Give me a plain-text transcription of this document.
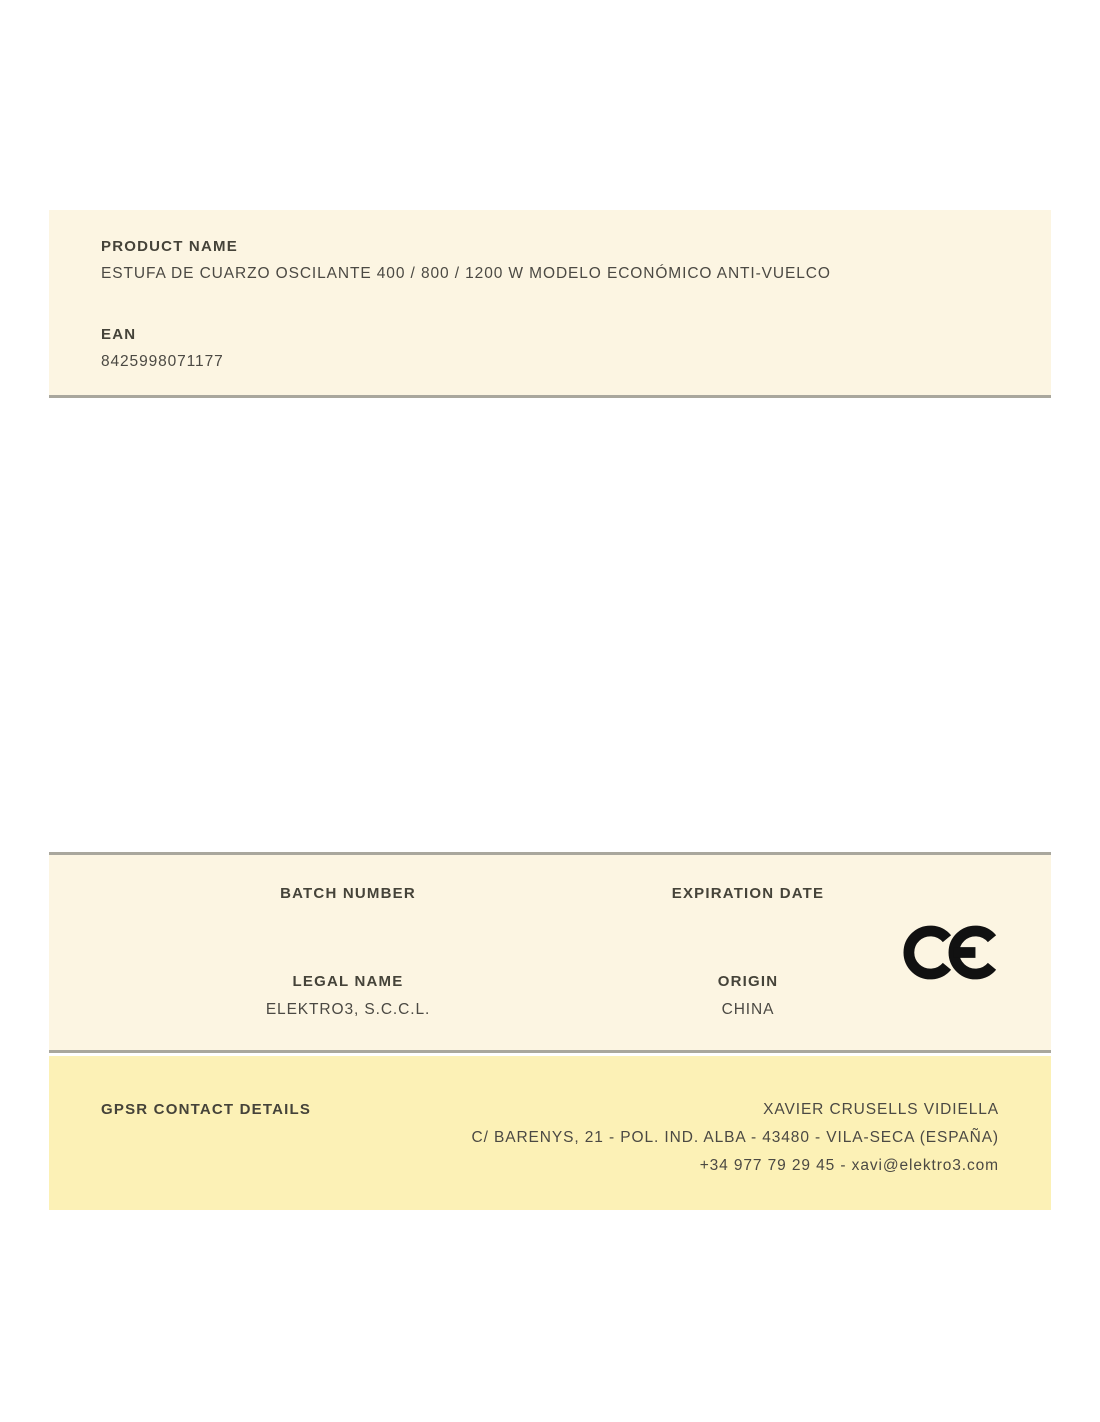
PRODUCT NAME
ESTUFA DE CUARZO OSCILANTE 400 / 800 / 1200 W MODELO ECONÓMICO ANTI-VUELCO
EAN
8425998071177
BATCH NUMBER
LEGAL NAME
ELEKTRO3, S.C.C.L.
EXPIRATION DATE
ORIGIN
CHINA
GPSR CONTACT DETAILS	XAVIER CRUSELLS VIDIELLA
C/ BARENYS, 21 - POL. IND. ALBA - 43480 - VILA-SECA (ESPAÑA)
+34 977 79 29 45 - xavi@elektro3.com
